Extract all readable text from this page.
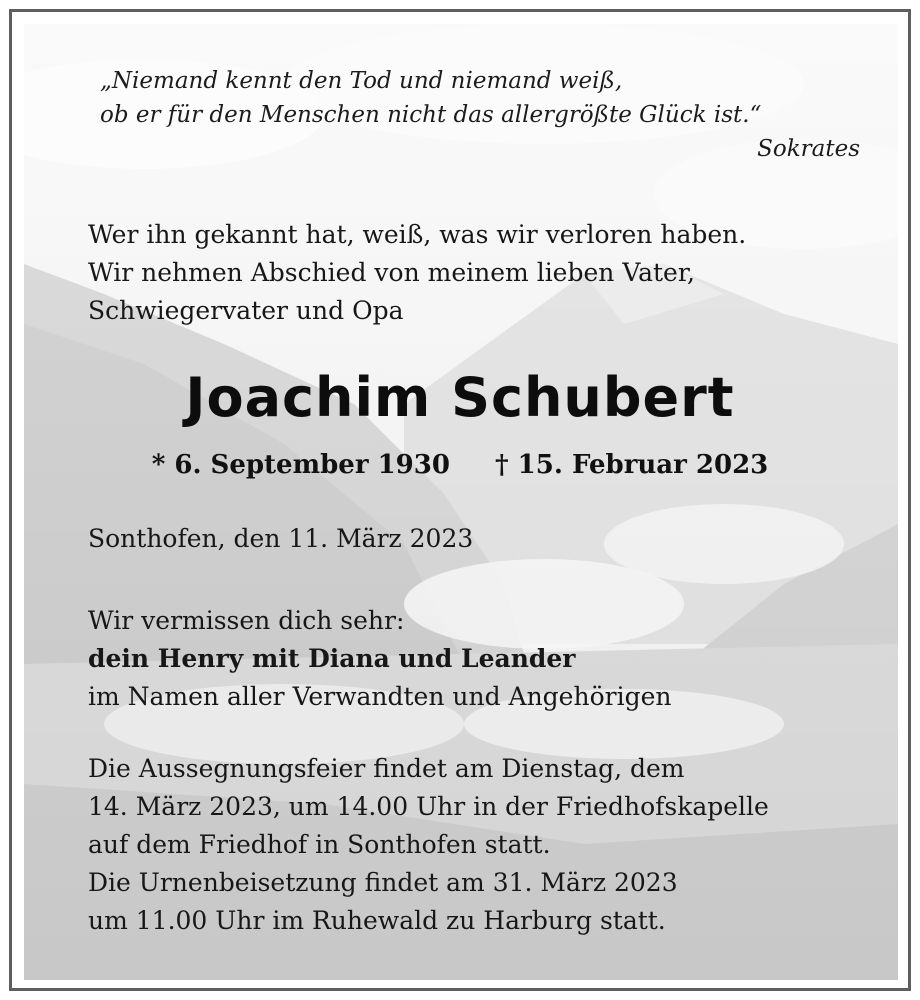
„Niemand kennt den Tod und niemand weiß,
ob er für den Menschen nicht das allergrößte Glück ist.“
Sokrates
Wer ihn gekannt hat, weiß, was wir verloren haben.
Wir nehmen Abschied von meinem lieben Vater,
Schwiegervater und Opa
Joachim Schubert
* 6. September 1930 † 15. Februar 2023
Sonthofen, den 11. März 2023
Wir vermissen dich sehr:
dein Henry mit Diana und Leander
im Namen aller Verwandten und Angehörigen
Die Aussegnungsfeier findet am Dienstag, dem
14. März 2023, um 14.00 Uhr in der Friedhofskapelle
auf dem Friedhof in Sonthofen statt.
Die Urnenbeisetzung findet am 31. März 2023
um 11.00 Uhr im Ruhewald zu Harburg statt.
